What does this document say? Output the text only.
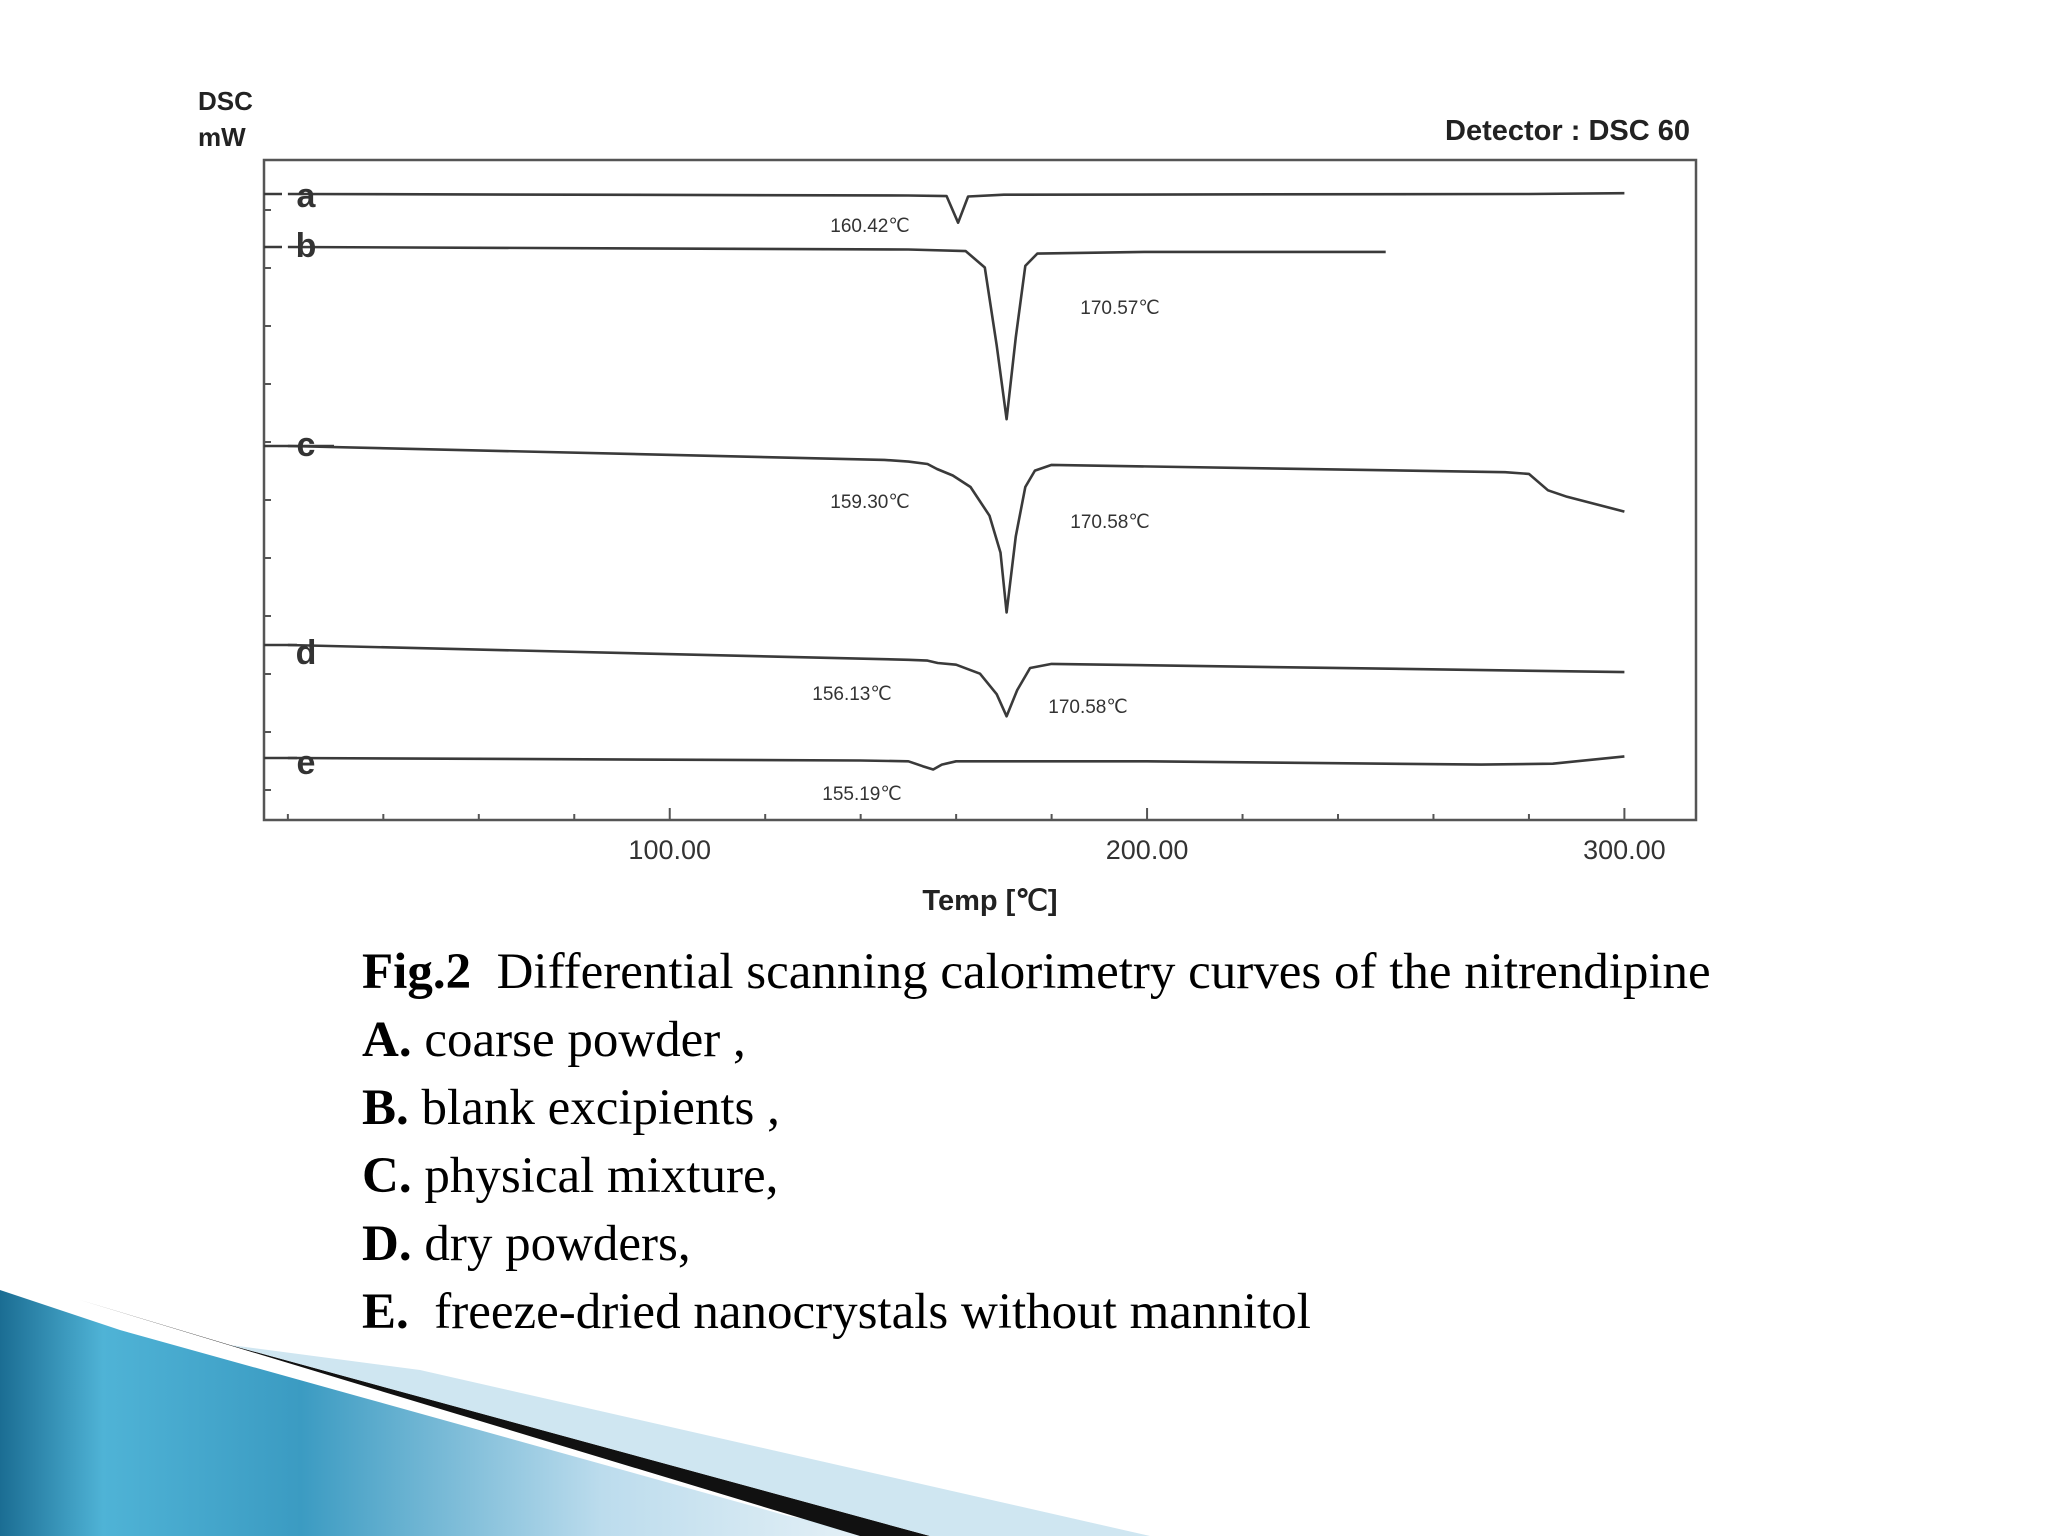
DSC
mW	Detector : DSC 60
100.00	200.00	300.00
a
160.42℃
b
170.57℃
c
159.30℃
170.58℃
d
156.13℃
170.58℃
e
155.19℃
Temp [℃]
Fig.2  Differential scanning calorimetry curves of the nitrendipine
A. coarse powder ,
B. blank excipients ,
C. physical mixture,
D. dry powders,
E.  freeze-dried nanocrystals without mannitol
